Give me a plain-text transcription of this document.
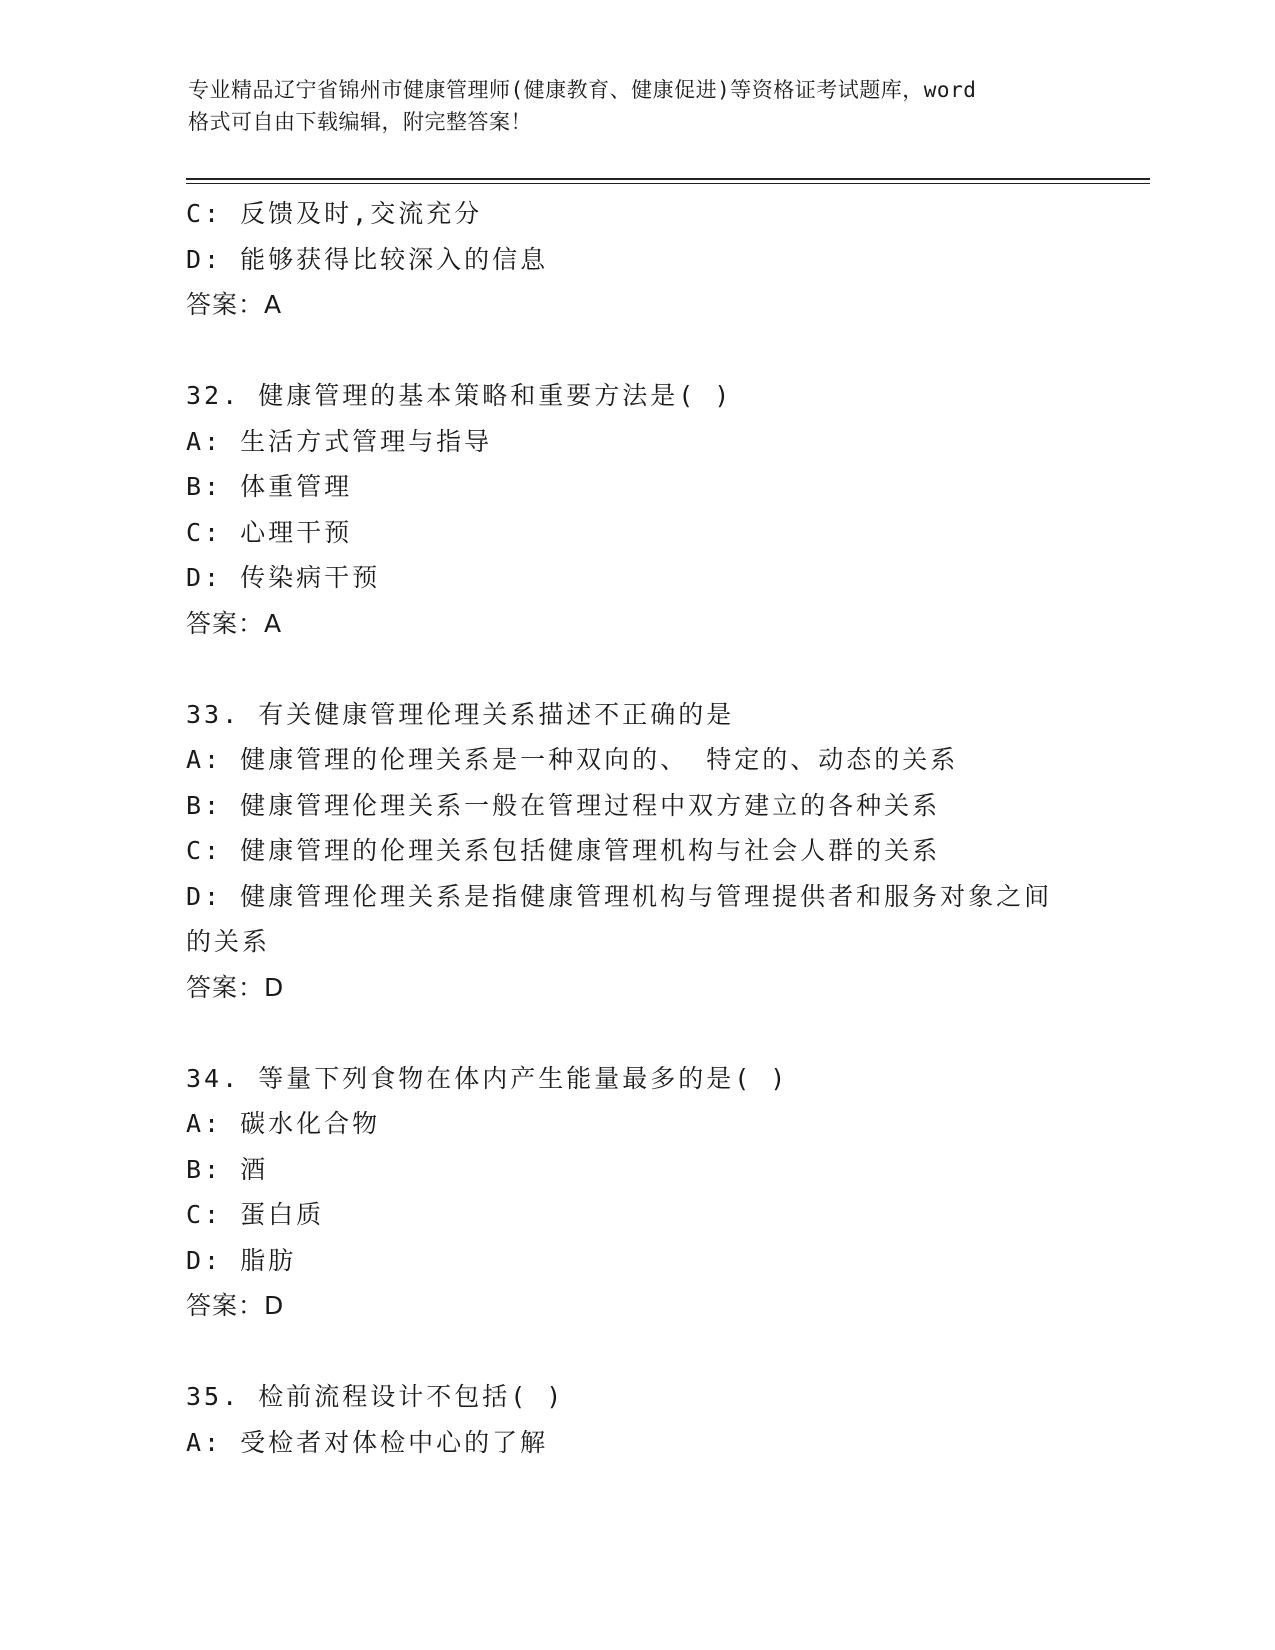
专业精品辽宁省锦州市健康管理师(健康教育、健康促进)等资格证考试题库，word
格式可自由下载编辑，附完整答案！
C: 反馈及时,交流充分
D: 能够获得比较深入的信息
答案：A
32. 健康管理的基本策略和重要方法是( )
A: 生活方式管理与指导
B: 体重管理
C: 心理干预
D: 传染病干预
答案：A
33. 有关健康管理伦理关系描述不正确的是
A: 健康管理的伦理关系是一种双向的、 特定的、动态的关系
B: 健康管理伦理关系一般在管理过程中双方建立的各种关系
C: 健康管理的伦理关系包括健康管理机构与社会人群的关系
D: 健康管理伦理关系是指健康管理机构与管理提供者和服务对象之间的关系
答案：D
34. 等量下列食物在体内产生能量最多的是( )
A: 碳水化合物
B: 酒
C: 蛋白质
D: 脂肪
答案：D
35. 检前流程设计不包括( )
A: 受检者对体检中心的了解
